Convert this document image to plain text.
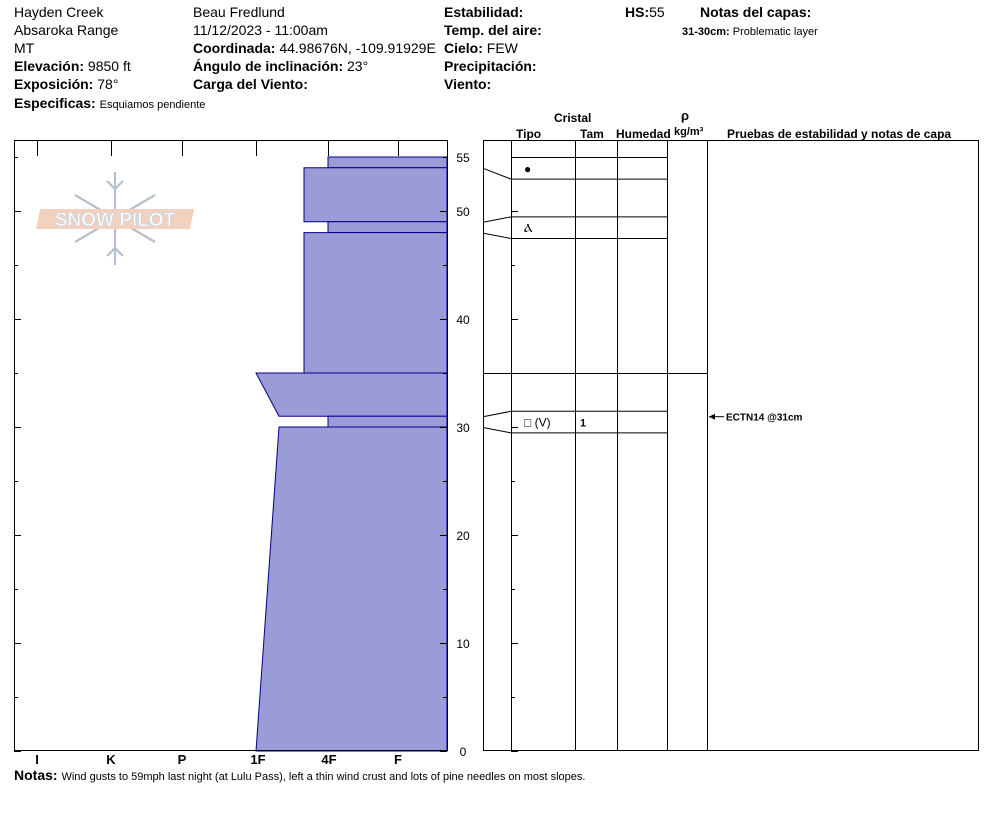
Hayden Creek
Absaroka Range
MT
Elevación: 9850 ft
Exposición: 78°
Especificas: Esquiamos pendiente
Beau Fredlund
11/12/2023 - 11:00am
Coordinada: 44.98676N, -109.91929E
Ángulo de inclinación: 23°
Carga del Viento:
Estabilidad:
Temp. del aire:
Cielo: FEW
Precipitación:
Viento:
HS:55	Notas del capas:
31-30cm: Problematic layer
Cristal
Tipo	Tam Humedad
ρ
kg/m³ Pruebas de estabilidad y notas de capa
SNOW PILOT
0
10
20
30
40
50
55
I	K	P	1F	4F	F
●
Ⲁ
□ (V)	1	ECTN14 @31cm
Notas: Wind gusts to 59mph last night (at Lulu Pass), left a thin wind crust and lots of pine needles on most slopes.
